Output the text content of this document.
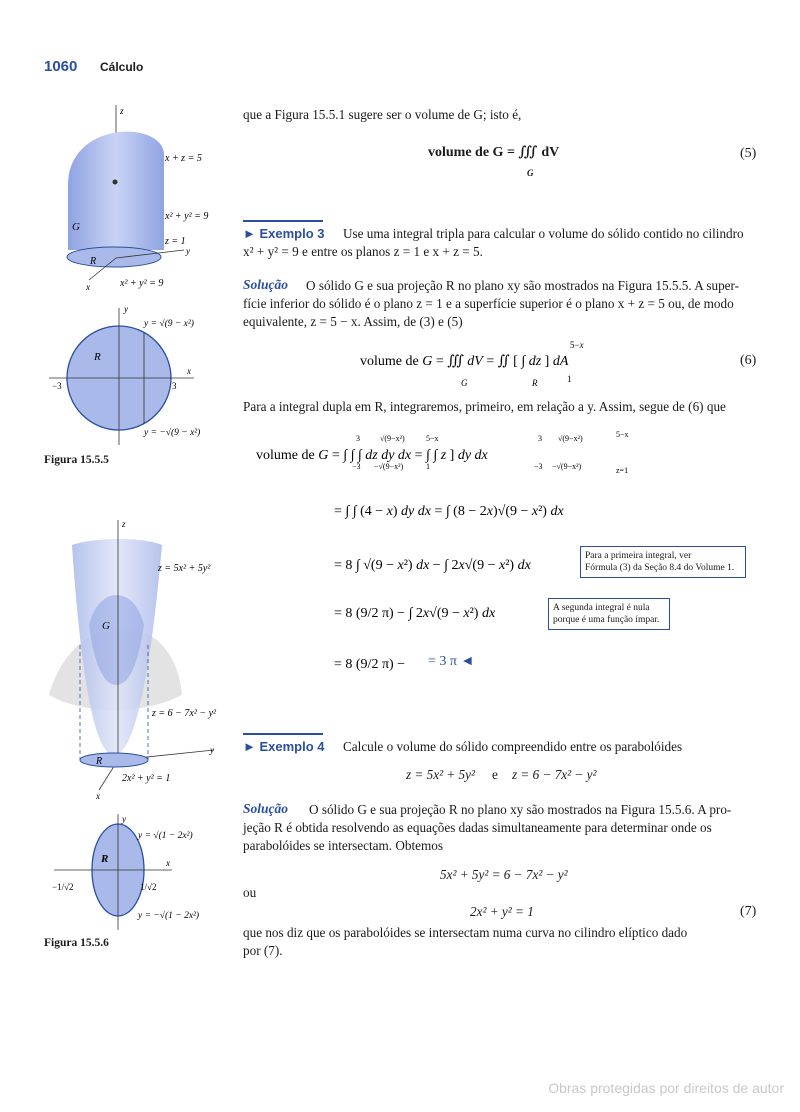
1060 Cálculo
z
x + z = 5
x² + y² = 9
z = 1
G
R
y
x	x² + y² = 9
y
x
R
−3	3
y = √(9 − x²)
y = −√(9 − x²)
Figura 15.5.5
z
z = 5x² + 5y²
z = 6 − 7x² − y²
G
R
y
x
2x² + y² = 1
y
x
R
−1/√2	1/√2
y = √(1 − 2x²)
y = −√(1 − 2x²)
Figura 15.5.6
que a Figura 15.5.1 sugere ser o volume de G; isto é,
volume de G = ∭ dV
G
(5)
► Exemplo 3 Use uma integral tripla para calcular o volume do sólido contido no cilindro
x² + y² = 9 e entre os planos z = 1 e x + z = 5.
Solução O sólido G e sua projeção R no plano xy são mostrados na Figura 15.5.5. A super-
fície inferior do sólido é o plano z = 1 e a superfície superior é o plano x + z = 5 ou, de modo
equivalente, z = 5 − x. Assim, de (3) e (5)
volume de G = ∭ dV = ∬ [ ∫ dz ] dA
G	R
5−x
1
(6)
Para a integral dupla em R, integraremos, primeiro, em relação a y. Assim, segue de (6) que
volume de G = ∫ ∫ ∫ dz dy dx = ∫ ∫ z ] dy dx
= ∫ ∫ (4 − x) dy dx = ∫ (8 − 2x)√(9 − x²) dx
= 8 ∫ √(9 − x²) dx − ∫ 2x√(9 − x²) dx
= 8 (9/2 π) − ∫ 2x√(9 − x²) dx
= 8 (9/2 π) −
3
−3
√(9−x²)
−√(9−x²)
5−x
1
3
−3
√(9−x²)
−√(9−x²)
5−x
z=1
= 3 π ◄
Para a primeira integral, ver
Fórmula (3) da Seção 8.4 do Volume 1.
A segunda integral é nula
porque é uma função ímpar.
► Exemplo 4 Calcule o volume do sólido compreendido entre os parabolóides
z = 5x² + 5y² e z = 6 − 7x² − y²
Solução O sólido G e sua projeção R no plano xy são mostrados na Figura 15.5.6. A pro-
jeção R é obtida resolvendo as equações dadas simultaneamente para determinar onde os
parabolóides se intersectam. Obtemos
5x² + 5y² = 6 − 7x² − y²
ou
2x² + y² = 1	(7)
que nos diz que os parabolóides se intersectam numa curva no cilindro elíptico dado
por (7).
Obras protegidas por direitos de autor
